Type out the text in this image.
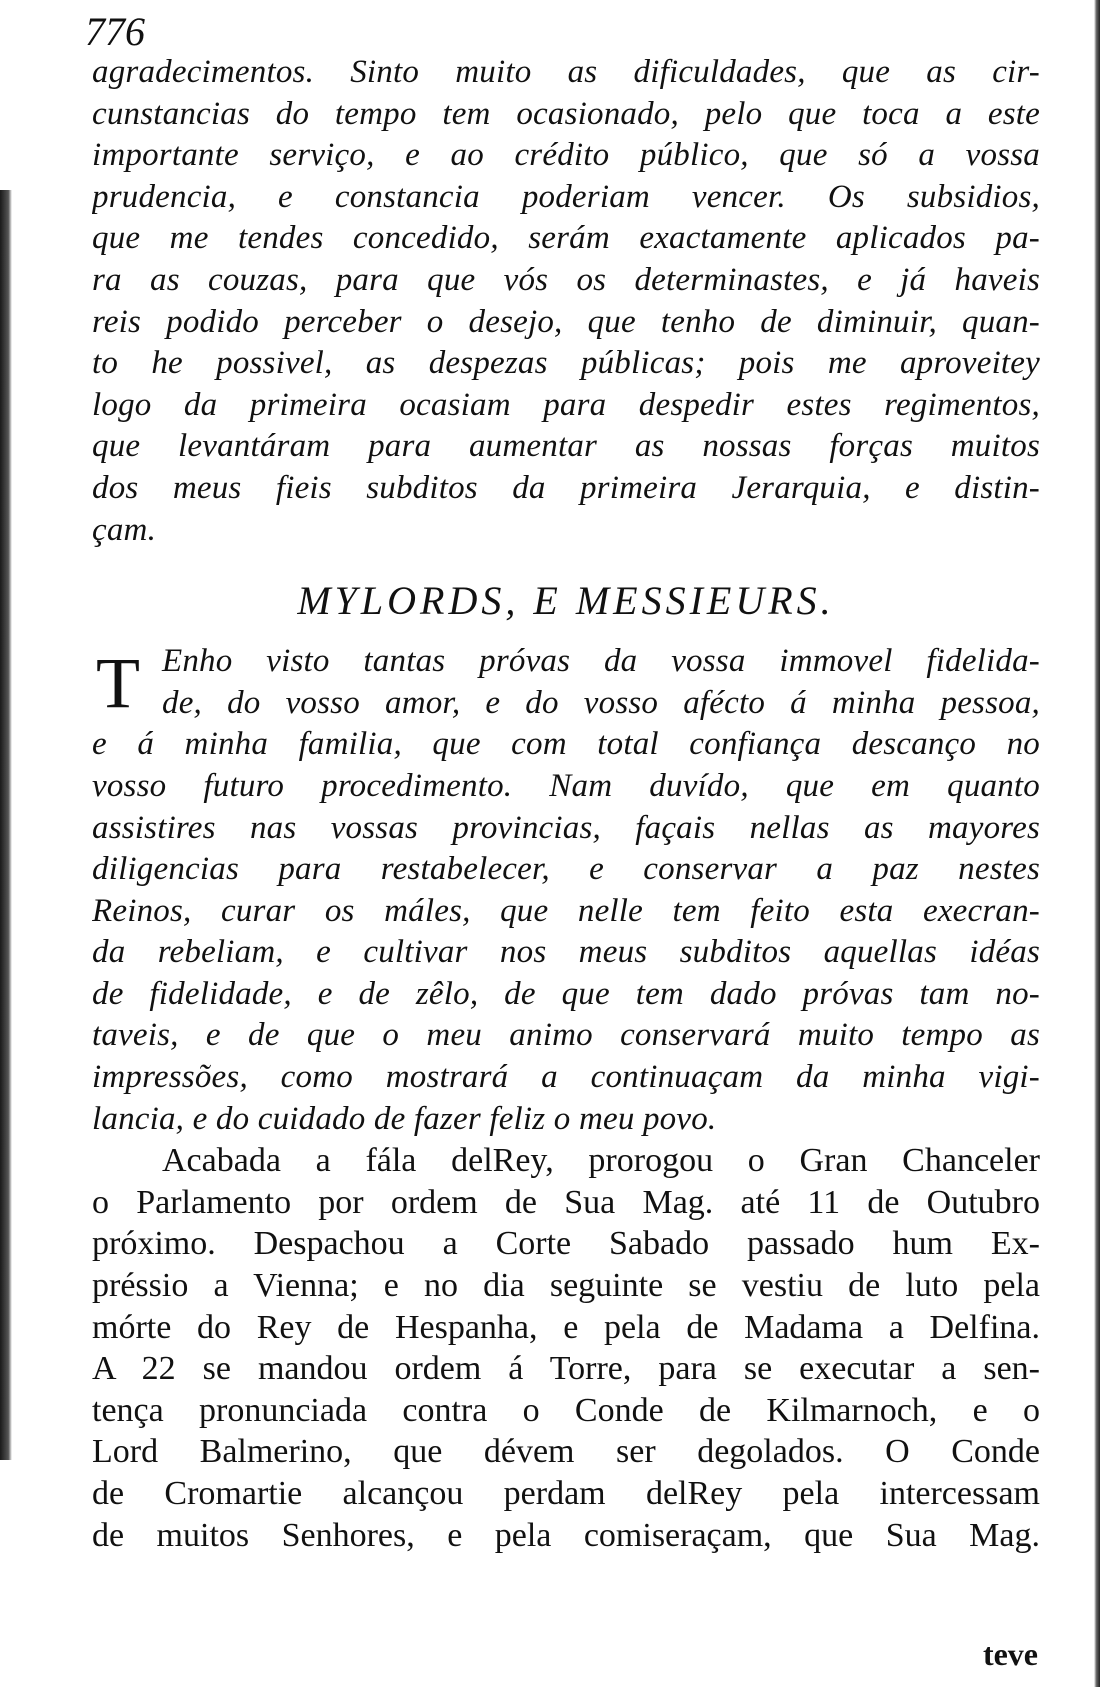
776
agradecimentos. Sinto muito as dificuldades, que as cir-
cunstancias do tempo tem ocasionado, pelo que toca a este
importante serviço, e ao crédito público, que só a vossa
prudencia, e constancia poderiam vencer. Os subsidios,
que me tendes concedido, serám exactamente aplicados pa-
ra as couzas, para que vós os determinastes, e já haveis
reis podido perceber o desejo, que tenho de diminuir, quan-
to he possivel, as despezas públicas; pois me aproveitey
logo da primeira ocasiam para despedir estes regimentos,
que levantáram para aumentar as nossas forças muitos
dos meus fieis subditos da primeira Jerarquia, e distin-
çam.
MYLORDS, E MESSIEURS.
T Enho visto tantas próvas da vossa immovel fidelida-
de, do vosso amor, e do vosso afécto á minha pessoa,
e á minha familia, que com total confiança descanço no
vosso futuro procedimento. Nam duvído, que em quanto
assistires nas vossas provincias, façais nellas as mayores
diligencias para restabelecer, e conservar a paz nestes
Reinos, curar os máles, que nelle tem feito esta execran-
da rebeliam, e cultivar nos meus subditos aquellas idéas
de fidelidade, e de zêlo, de que tem dado próvas tam no-
taveis, e de que o meu animo conservará muito tempo as
impressões, como mostrará a continuaçam da minha vigi-
lancia, e do cuidado de fazer feliz o meu povo.
Acabada a fála delRey, prorogou o Gran Chanceler
o Parlamento por ordem de Sua Mag. até 11 de Outubro
próximo. Despachou a Corte Sabado passado hum Ex-
préssio a Vienna; e no dia seguinte se vestiu de luto pela
mórte do Rey de Hespanha, e pela de Madama a Delfina.
A 22 se mandou ordem á Torre, para se executar a sen-
tença pronunciada contra o Conde de Kilmarnoch, e o
Lord Balmerino, que dévem ser degolados. O Conde
de Cromartie alcançou perdam delRey pela intercessam
de muitos Senhores, e pela comiseraçam, que Sua Mag.
teve
